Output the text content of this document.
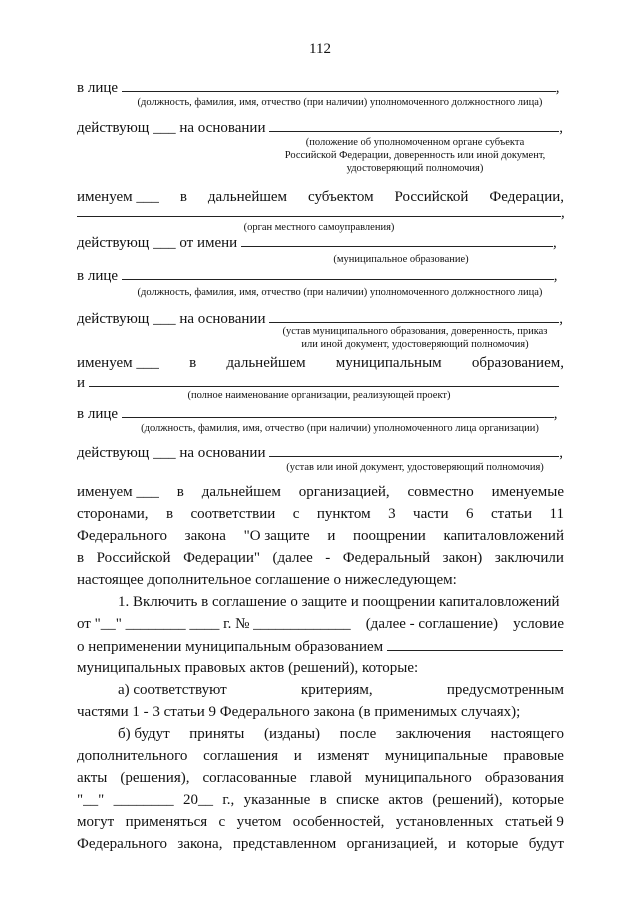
112
в лице	,
(должность, фамилия, имя, отчество (при наличии) уполномоченного должностного лица)
действующ ___ на основании	,
(положение об уполномоченном органе субъекта
Российской Федерации, доверенность или иной документ,
удостоверяющий полномочия)
именуем ___ в дальнейшем субъектом Российской Федерации,
,
(орган местного самоуправления)
действующ ___ от имени	,
(муниципальное образование)
в лице	,
(должность, фамилия, имя, отчество (при наличии) уполномоченного должностного лица)
действующ ___ на основании	,
(устав муниципального образования, доверенность, приказ
или иной документ, удостоверяющий полномочия)
именуем ___ в дальнейшем муниципальным образованием,
и
(полное наименование организации, реализующей проект)
в лице	,
(должность, фамилия, имя, отчество (при наличии) уполномоченного лица организации)
действующ ___ на основании	,
(устав или иной документ, удостоверяющий полномочия)
именуем ___ в дальнейшем организацией, совместно именуемые
сторонами, в соответствии с пунктом 3 части 6 статьи 11
Федерального закона "О защите и поощрении капиталовложений
в Российской Федерации" (далее - Федеральный закон) заключили
настоящее дополнительное соглашение о нижеследующем:
1. Включить в соглашение о защите и поощрении капиталовложений
от "__" ________ ____ г. № _____________ (далее - соглашение) условие
о неприменении муниципальным образованием
муниципальных правовых актов (решений), которые:
а) соответствуют	критериям,	предусмотренным
частями 1 - 3 статьи 9 Федерального закона (в применимых случаях);
б) будут приняты (изданы) после заключения настоящего
дополнительного соглашения и изменят муниципальные правовые
акты (решения), согласованные главой муниципального образования
"__" ________ 20__ г., указанные в списке актов (решений), которые
могут применяться с учетом особенностей, установленных статьей 9
Федерального закона, представленном организацией, и которые будут
